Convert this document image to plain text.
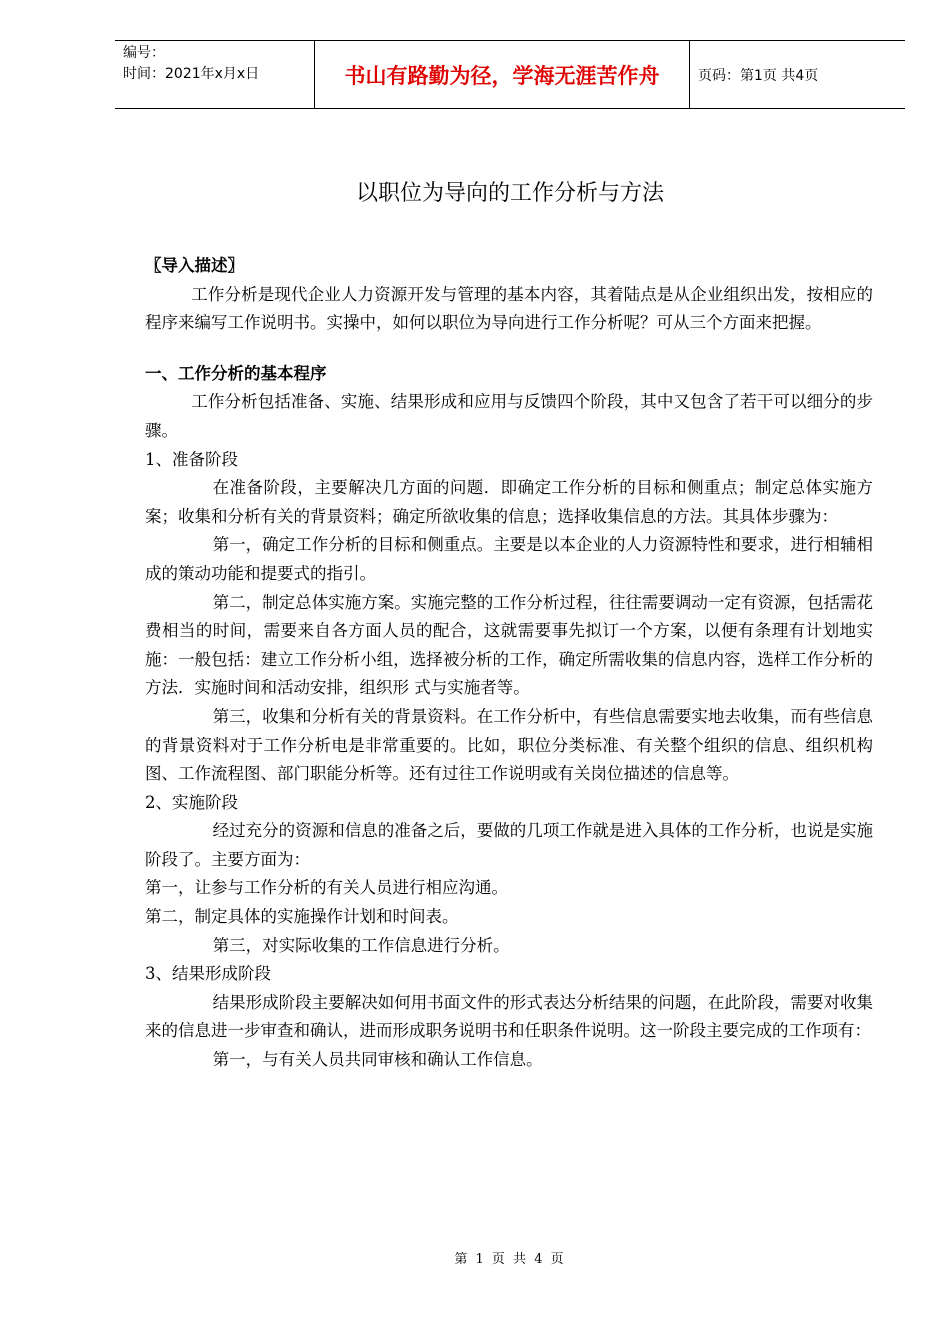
编号：
时间：2021年x月x日	书山有路勤为径，学海无涯苦作舟	页码：第1页 共4页
以职位为导向的工作分析与方法

〖导入描述〗

工作分析是现代企业人力资源开发与管理的基本内容，其着陆点是从企业组织出发，按相应的程序来编写工作说明书。实操中，如何以职位为导向进行工作分析呢？可从三个方面来把握。

一、工作分析的基本程序

工作分析包括准备、实施、结果形成和应用与反馈四个阶段，其中又包含了若干可以细分的步骤。

1、准备阶段

在准备阶段，主要解决几方面的问题．即确定工作分析的目标和侧重点；制定总体实施方案；收集和分析有关的背景资料；确定所欲收集的信息；选择收集信息的方法。其具体步骤为：

第一，确定工作分析的目标和侧重点。主要是以本企业的人力资源特性和要求，进行相辅相成的策动功能和提要式的指引。

第二，制定总体实施方案。实施完整的工作分析过程，往往需要调动一定有资源，包括需花费相当的时间，需要来自各方面人员的配合，这就需要事先拟订一个方案，以便有条理有计划地实施：一般包括：建立工作分析小组，选择被分析的工作，确定所需收集的信息内容，选样工作分析的方法．实施时间和活动安排，组织形 式与实施者等。

第三，收集和分析有关的背景资料。在工作分析中，有些信息需要实地去收集，而有些信息的背景资料对于工作分析电是非常重要的。比如，职位分类标准、有关整个组织的信息、组织机构图、工作流程图、部门职能分析等。还有过往工作说明或有关岗位描述的信息等。

2、实施阶段

经过充分的资源和信息的准备之后，要做的几项工作就是进入具体的工作分析，也说是实施阶段了。主要方面为：

第一，让参与工作分析的有关人员进行相应沟通。

第二，制定具体的实施操作计划和时间表。

第三，对实际收集的工作信息进行分析。

3、结果形成阶段

结果形成阶段主要解决如何用书面文件的形式表达分析结果的问题，在此阶段，需要对收集来的信息进一步审查和确认，进而形成职务说明书和任职条件说明。这一阶段主要完成的工作项有：

第一，与有关人员共同审核和确认工作信息。

第 1 页 共 4 页
